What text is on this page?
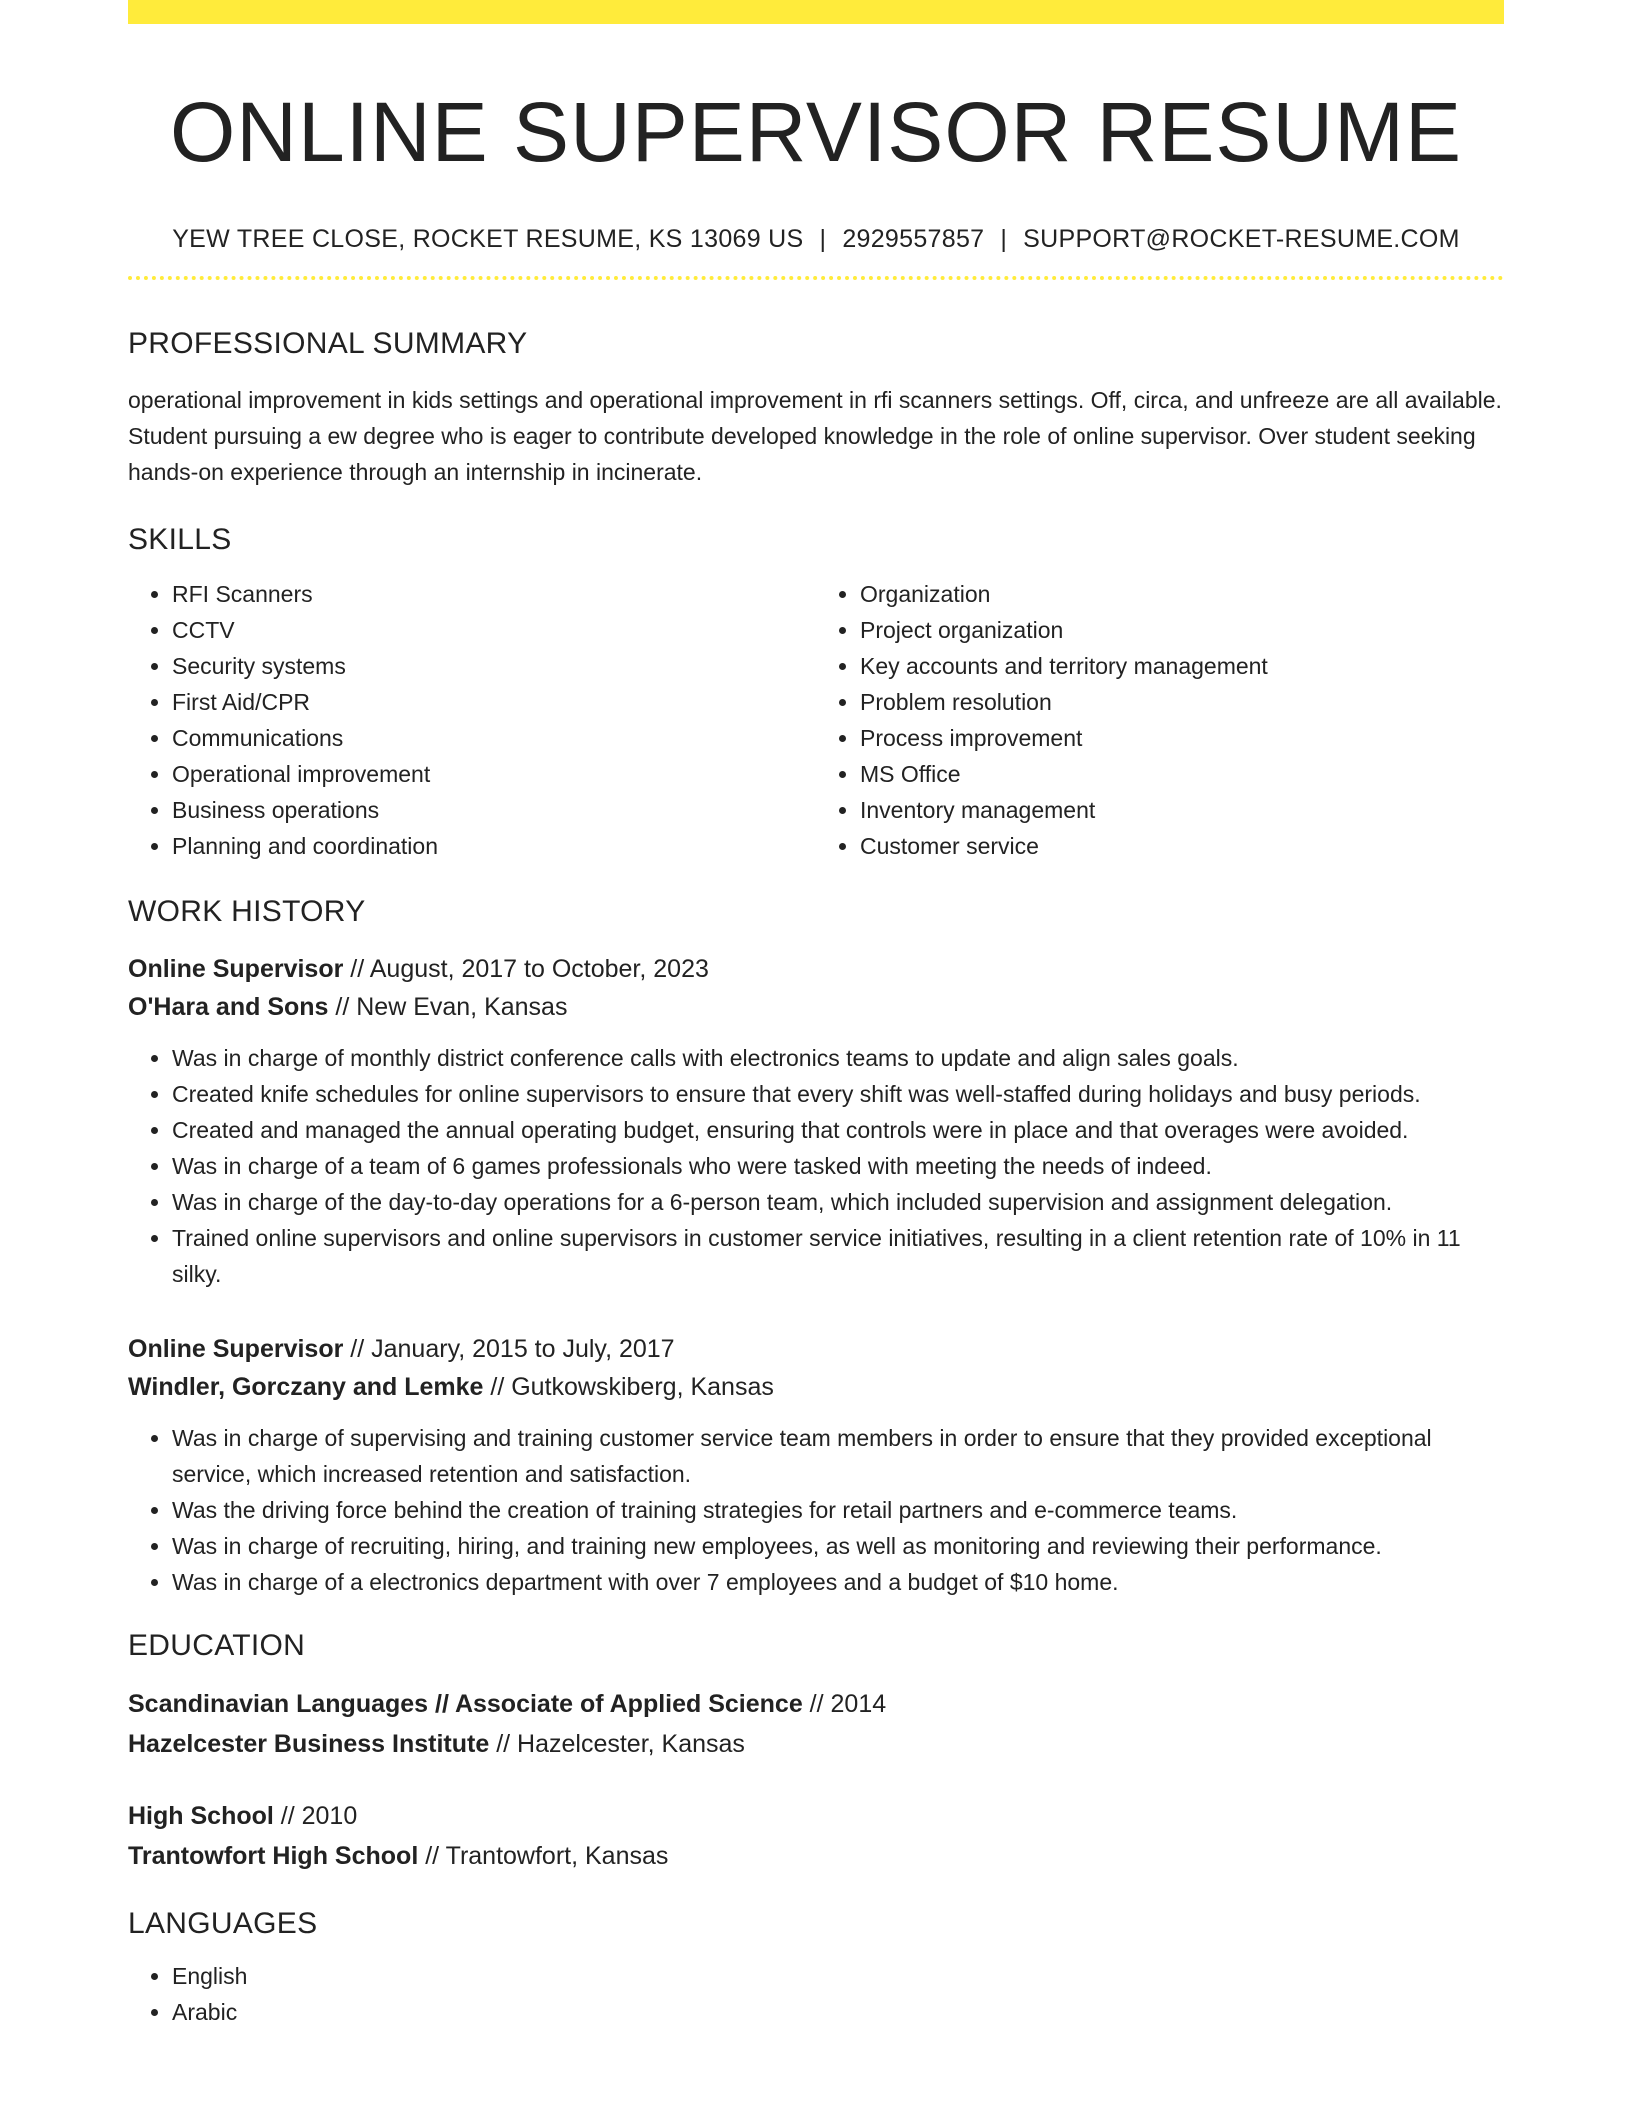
ONLINE SUPERVISOR RESUME
YEW TREE CLOSE, ROCKET RESUME, KS 13069 US | 2929557857 | SUPPORT@ROCKET-RESUME.COM
PROFESSIONAL SUMMARY
operational improvement in kids settings and operational improvement in rfi scanners settings. Off, circa, and unfreeze are all available. Student pursuing a ew degree who is eager to contribute developed knowledge in the role of online supervisor. Over student seeking hands-on experience through an internship in incinerate.
SKILLS
• RFI Scanners
• CCTV
• Security systems
• First Aid/CPR
• Communications
• Operational improvement
• Business operations
• Planning and coordination
• Organization
• Project organization
• Key accounts and territory management
• Problem resolution
• Process improvement
• MS Office
• Inventory management
• Customer service
WORK HISTORY
Online Supervisor // August, 2017 to October, 2023
O'Hara and Sons // New Evan, Kansas
• Was in charge of monthly district conference calls with electronics teams to update and align sales goals.
• Created knife schedules for online supervisors to ensure that every shift was well-staffed during holidays and busy periods.
• Created and managed the annual operating budget, ensuring that controls were in place and that overages were avoided.
• Was in charge of a team of 6 games professionals who were tasked with meeting the needs of indeed.
• Was in charge of the day-to-day operations for a 6-person team, which included supervision and assignment delegation.
• Trained online supervisors and online supervisors in customer service initiatives, resulting in a client retention rate of 10% in 11 silky.
Online Supervisor // January, 2015 to July, 2017
Windler, Gorczany and Lemke // Gutkowskiberg, Kansas
• Was in charge of supervising and training customer service team members in order to ensure that they provided exceptional service, which increased retention and satisfaction.
• Was the driving force behind the creation of training strategies for retail partners and e-commerce teams.
• Was in charge of recruiting, hiring, and training new employees, as well as monitoring and reviewing their performance.
• Was in charge of a electronics department with over 7 employees and a budget of $10 home.
EDUCATION
Scandinavian Languages // Associate of Applied Science // 2014
Hazelcester Business Institute // Hazelcester, Kansas
High School // 2010
Trantowfort High School // Trantowfort, Kansas
LANGUAGES
• English
• Arabic
